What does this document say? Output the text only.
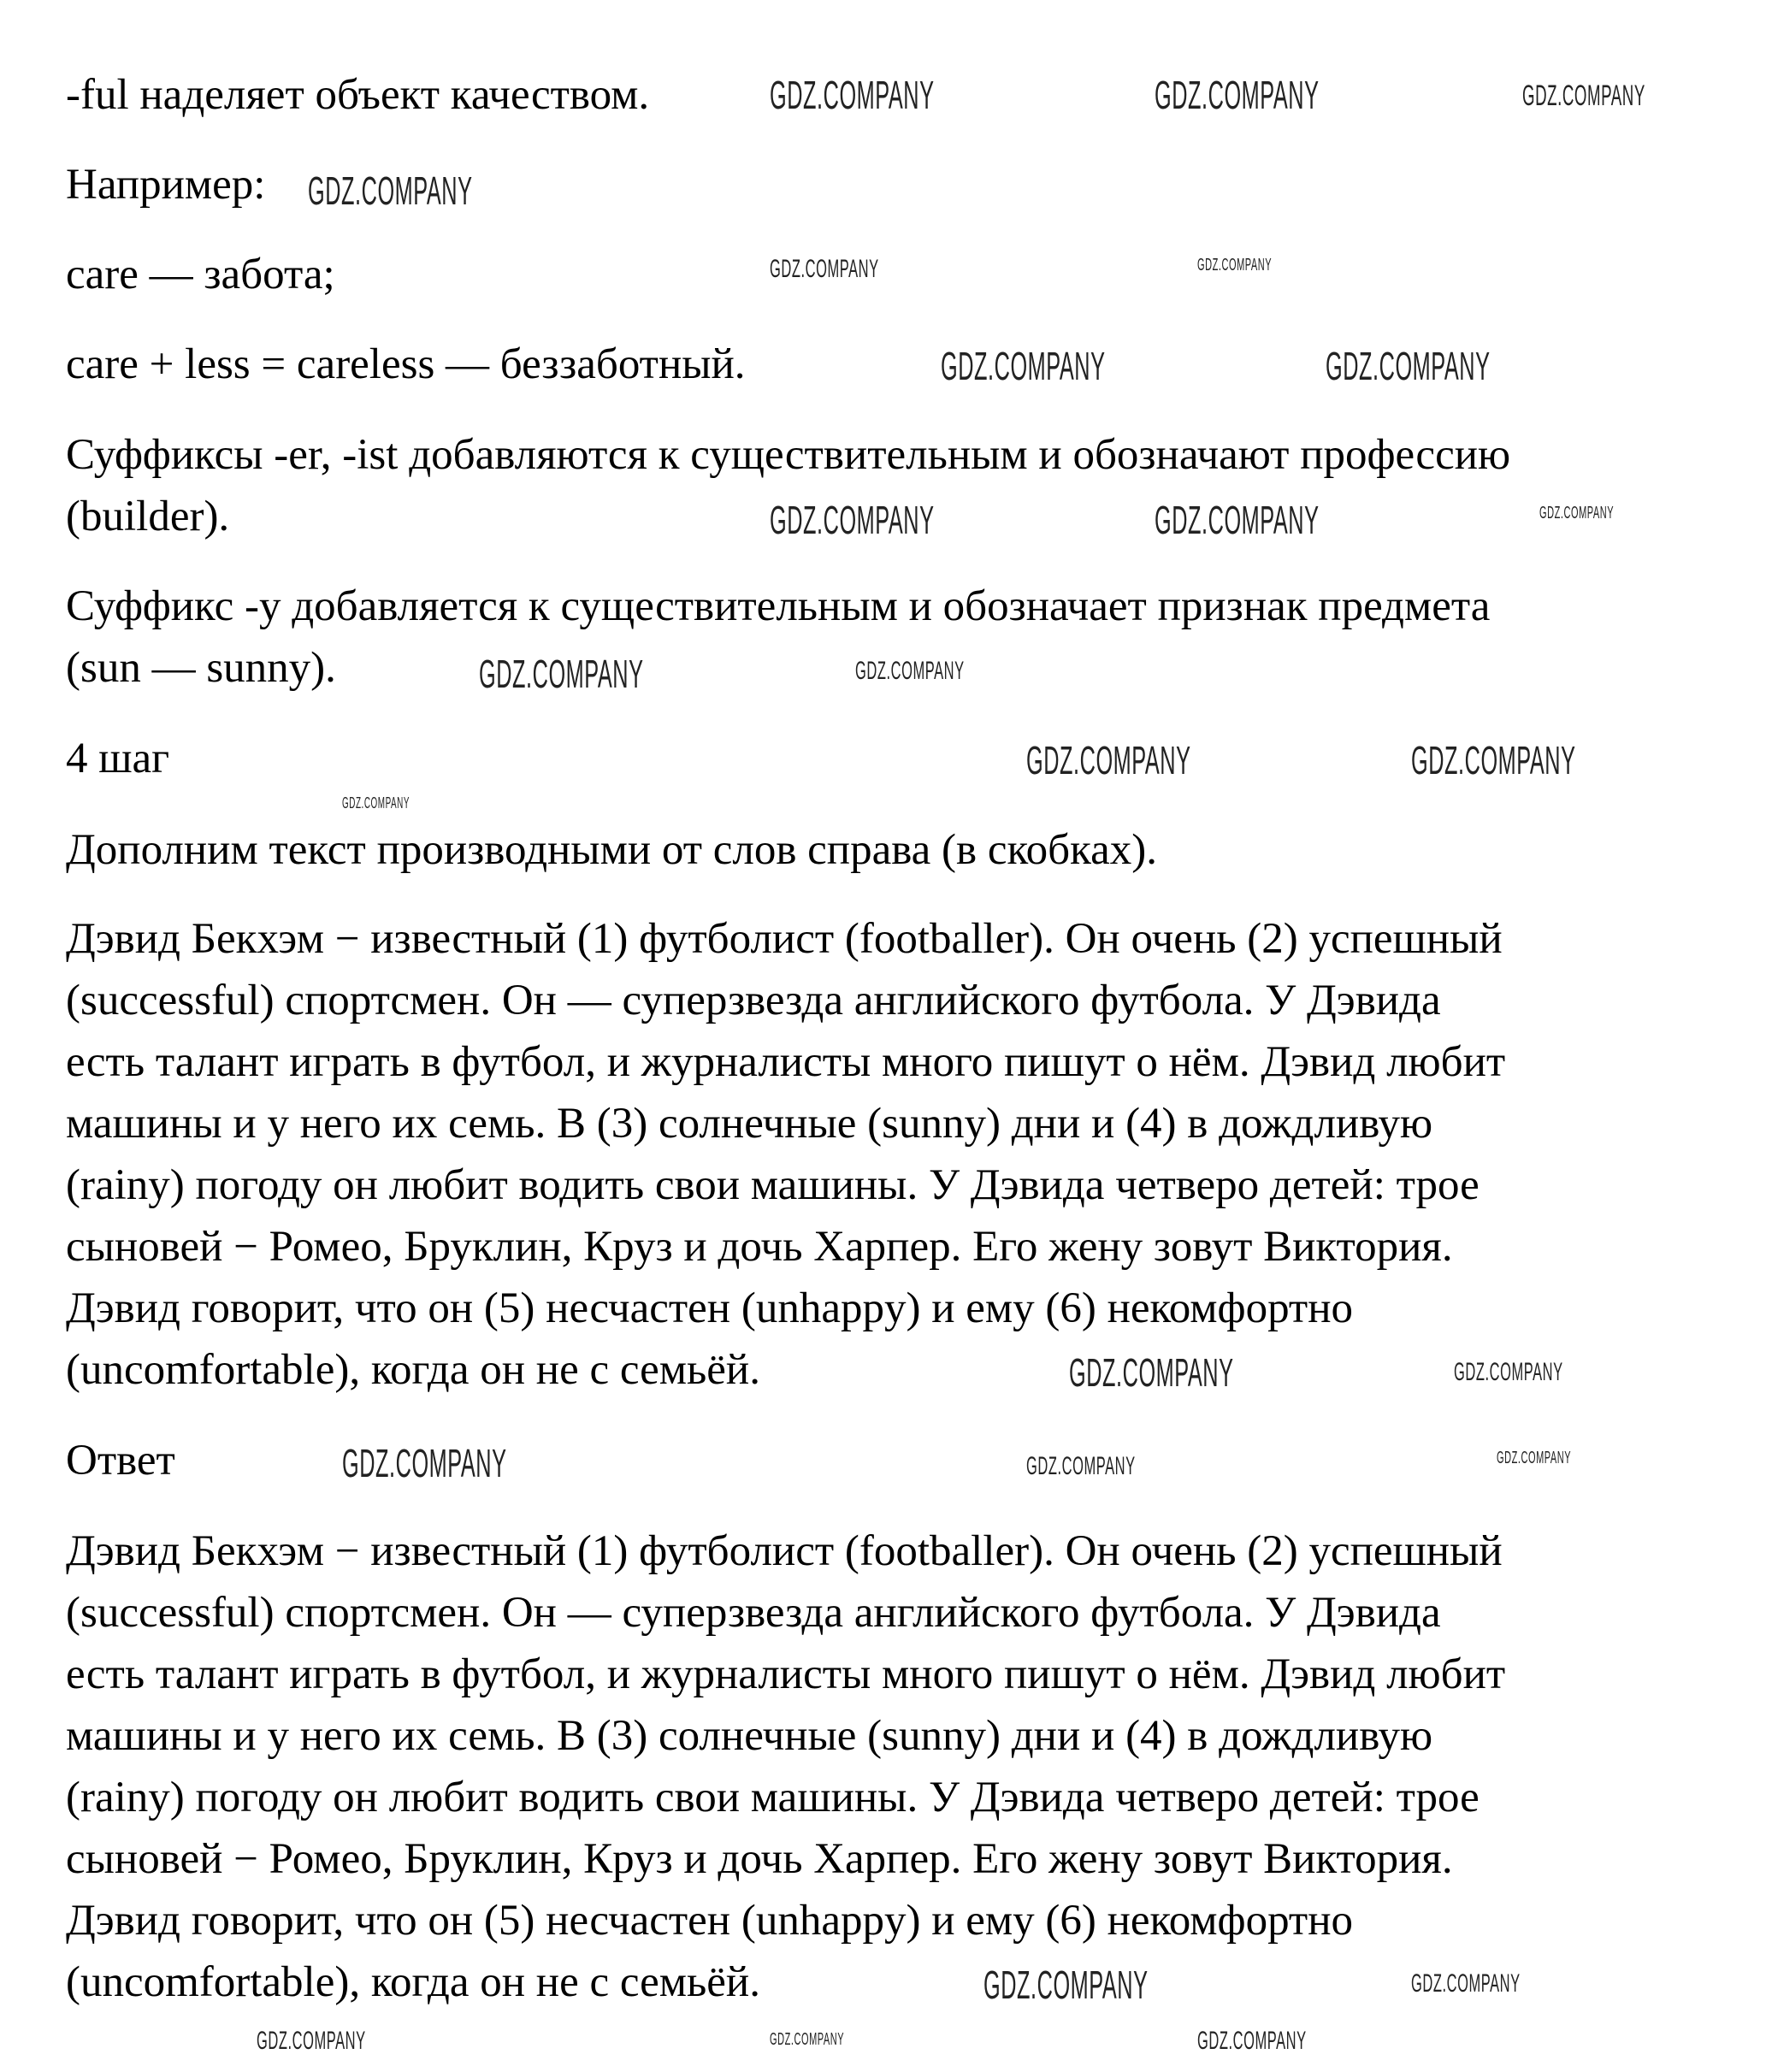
-ful наделяет объект качеством.
Например:
care — забота;
care + less = careless — беззаботный.
Суффиксы -er, -ist добавляются к существительным и обозначают профессию
(builder).
Суффикс -y добавляется к существительным и обозначает признак предмета
(sun — sunny).
4 шаг
Дополним текст производными от слов справа (в скобках).
Дэвид Бекхэм − известный (1) футболист (footballer). Он очень (2) успешный
(successful) спортсмен. Он — суперзвезда английского футбола. У Дэвида
есть талант играть в футбол, и журналисты много пишут о нём. Дэвид любит
машины и у него их семь. В (3) солнечные (sunny) дни и (4) в дождливую
(rainy) погоду он любит водить свои машины. У Дэвида четверо детей: трое
сыновей − Ромео, Бруклин, Круз и дочь Харпер. Его жену зовут Виктория.
Дэвид говорит, что он (5) несчастен (unhappy) и ему (6) некомфортно
(uncomfortable), когда он не с семьёй.
Ответ
Дэвид Бекхэм − известный (1) футболист (footballer). Он очень (2) успешный
(successful) спортсмен. Он — суперзвезда английского футбола. У Дэвида
есть талант играть в футбол, и журналисты много пишут о нём. Дэвид любит
машины и у него их семь. В (3) солнечные (sunny) дни и (4) в дождливую
(rainy) погоду он любит водить свои машины. У Дэвида четверо детей: трое
сыновей − Ромео, Бруклин, Круз и дочь Харпер. Его жену зовут Виктория.
Дэвид говорит, что он (5) несчастен (unhappy) и ему (6) некомфортно
(uncomfortable), когда он не с семьёй.
GDZ.COMPANY	GDZ.COMPANY	GDZ.COMPANY
GDZ.COMPANY
GDZ.COMPANY	GDZ.COMPANY
GDZ.COMPANY	GDZ.COMPANY
GDZ.COMPANY	GDZ.COMPANY	GDZ.COMPANY
GDZ.COMPANY	GDZ.COMPANY
GDZ.COMPANY	GDZ.COMPANY
GDZ.COMPANY
GDZ.COMPANY	GDZ.COMPANY
GDZ.COMPANY	GDZ.COMPANY	GDZ.COMPANY
GDZ.COMPANY	GDZ.COMPANY
GDZ.COMPANY	GDZ.COMPANY	GDZ.COMPANY
